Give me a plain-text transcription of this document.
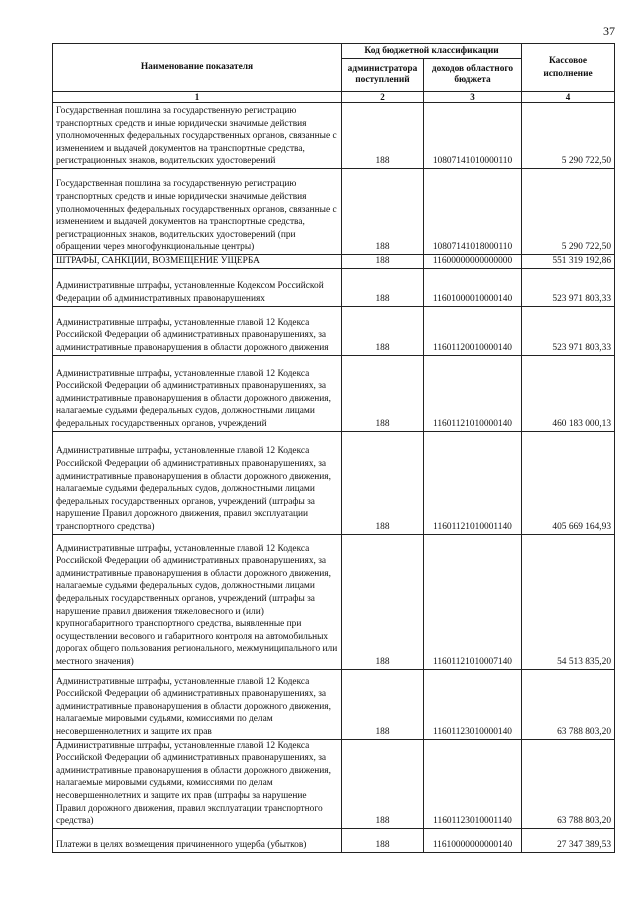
37
Наименование показателя	Код бюджетной классификации		Кассовое исполнение
	администратора поступлений	доходов областного бюджета	
1	2	3	4
Государственная пошлина за государственную регистрацию транспортных средств и иные юридически значимые действия уполномоченных федеральных государственных органов, связанные с изменением и выдачей документов на транспортные средства, регистрационных знаков, водительских удостоверений	188	10807141010000110	5 290 722,50
Государственная пошлина за государственную регистрацию транспортных средств и иные юридически значимые действия уполномоченных федеральных государственных органов, связанные с изменением и выдачей документов на транспортные средства, регистрационных знаков, водительских удостоверений (при обращении через многофункциональные центры)	188	10807141018000110	5 290 722,50
ШТРАФЫ, САНКЦИИ, ВОЗМЕЩЕНИЕ УЩЕРБА	188	11600000000000000	551 319 192,86
Административные штрафы, установленные Кодексом Российской Федерации об административных правонарушениях	188	11601000010000140	523 971 803,33
Административные штрафы, установленные главой 12 Кодекса Российской Федерации об административных правонарушениях, за административные правонарушения в области дорожного движения	188	11601120010000140	523 971 803,33
Административные штрафы, установленные главой 12 Кодекса Российской Федерации об административных правонарушениях, за административные правонарушения в области дорожного движения, налагаемые судьями федеральных судов, должностными лицами федеральных государственных органов, учреждений	188	11601121010000140	460 183 000,13
Административные штрафы, установленные главой 12 Кодекса Российской Федерации об административных правонарушениях, за административные правонарушения в области дорожного движения, налагаемые судьями федеральных судов, должностными лицами федеральных государственных органов, учреждений (штрафы за нарушение Правил дорожного движения, правил эксплуатации транспортного средства)	188	11601121010001140	405 669 164,93
Административные штрафы, установленные главой 12 Кодекса Российской Федерации об административных правонарушениях, за административные правонарушения в области дорожного движения, налагаемые судьями федеральных судов, должностными лицами федеральных государственных органов, учреждений (штрафы за нарушение правил движения тяжеловесного и (или) крупногабаритного транспортного средства, выявленные при осуществлении весового и габаритного контроля на автомобильных дорогах общего пользования регионального, межмуниципального или местного значения)	188	11601121010007140	54 513 835,20
Административные штрафы, установленные главой 12 Кодекса Российской Федерации об административных правонарушениях, за административные правонарушения в области дорожного движения, налагаемые мировыми судьями, комиссиями по делам несовершеннолетних и защите их прав	188	11601123010000140	63 788 803,20
Административные штрафы, установленные главой 12 Кодекса Российской Федерации об административных правонарушениях, за административные правонарушения в области дорожного движения, налагаемые мировыми судьями, комиссиями по делам несовершеннолетних и защите их прав (штрафы за нарушение Правил дорожного движения, правил эксплуатации транспортного средства)	188	11601123010001140	63 788 803,20
Платежи в целях возмещения причиненного ущерба (убытков)	188	11610000000000140	27 347 389,53
